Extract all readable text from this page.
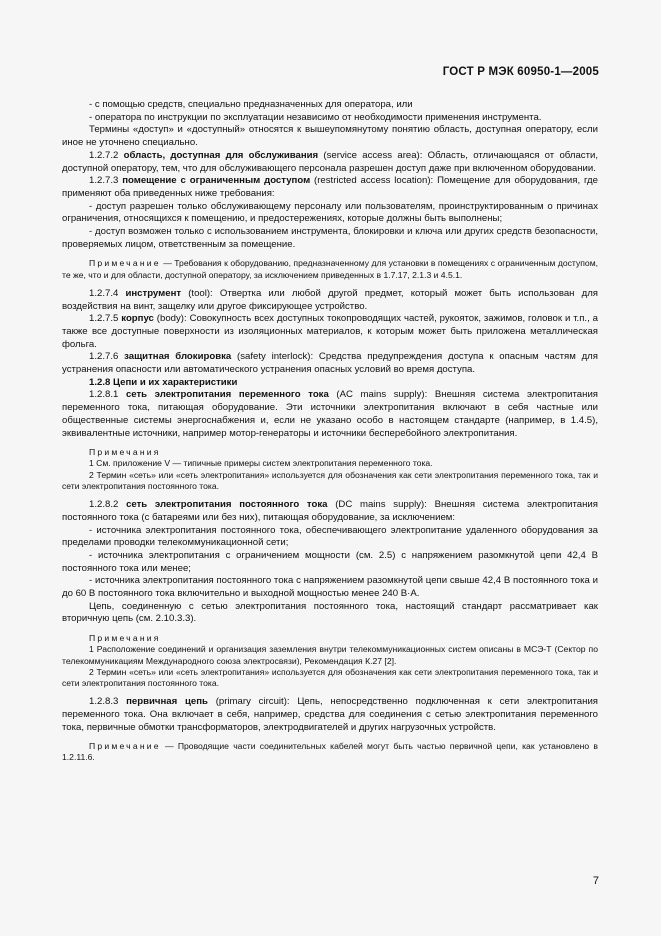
ГОСТ Р МЭК 60950-1—2005

- с помощью средств, специально предназначенных для оператора, или

- оператора по инструкции по эксплуатации независимо от необходимости применения инструмента.

Термины «доступ» и «доступный» относятся к вышеупомянутому понятию область, доступная оператору, если иное не уточнено специально.

1.2.7.2 область, доступная для обслуживания (service access area): Область, отличающаяся от области, доступной оператору, тем, что для обслуживающего персонала разрешен доступ даже при включенном оборудовании.

1.2.7.3 помещение с ограниченным доступом (restricted access location): Помещение для оборудования, где применяют оба приведенных ниже требования:

- доступ разрешен только обслуживающему персоналу или пользователям, проинструктированным о причинах ограничения, относящихся к помещению, и предостережениях, которые должны быть выполнены;

- доступ возможен только с использованием инструмента, блокировки и ключа или других средств безопасности, проверяемых лицом, ответственным за помещение.

Примечание — Требования к оборудованию, предназначенному для установки в помещениях с ограниченным доступом, те же, что и для области, доступной оператору, за исключением приведенных в 1.7.17, 2.1.3 и 4.5.1.

1.2.7.4 инструмент (tool): Отвертка или любой другой предмет, который может быть использован для воздействия на винт, защелку или другое фиксирующее устройство.

1.2.7.5 корпус (body): Совокупность всех доступных токопроводящих частей, рукояток, зажимов, головок и т.п., а также все доступные поверхности из изоляционных материалов, к которым может быть приложена металлическая фольга.

1.2.7.6 защитная блокировка (safety interlock): Средства предупреждения доступа к опасным частям для устранения опасности или автоматического устранения опасных условий во время доступа.

1.2.8 Цепи и их характеристики

1.2.8.1 сеть электропитания переменного тока (AC mains supply): Внешняя система электропитания переменного тока, питающая оборудование. Эти источники электропитания включают в себя частные или общественные системы энергоснабжения и, если не указано особо в настоящем стандарте (например, в 1.4.5), эквивалентные источники, например мотор-генераторы и источники бесперебойного электропитания.

Примечания

1 См. приложение V — типичные примеры систем электропитания переменного тока.

2 Термин «сеть» или «сеть электропитания» используется для обозначения как сети электропитания переменного тока, так и сети электропитания постоянного тока.

1.2.8.2 сеть электропитания постоянного тока (DC mains supply): Внешняя система электропитания постоянного тока (с батареями или без них), питающая оборудование, за исключением:

- источника электропитания постоянного тока, обеспечивающего электропитание удаленного оборудования за пределами проводки телекоммуникационной сети;

- источника электропитания с ограничением мощности (см. 2.5) с напряжением разомкнутой цепи 42,4 В постоянного тока или менее;

- источника электропитания постоянного тока с напряжением разомкнутой цепи свыше 42,4 В постоянного тока и до 60 В постоянного тока включительно и выходной мощностью менее 240 В·А.

Цепь, соединенную с сетью электропитания постоянного тока, настоящий стандарт рассматривает как вторичную цепь (см. 2.10.3.3).

Примечания

1 Расположение соединений и организация заземления внутри телекоммуникационных систем описаны в МСЭ-Т (Сектор по телекоммуникациям Международного союза электросвязи), Рекомендация К.27 [2].

2 Термин «сеть» или «сеть электропитания» используется для обозначения как сети электропитания переменного тока, так и сети электропитания постоянного тока.

1.2.8.3 первичная цепь (primary circuit): Цепь, непосредственно подключенная к сети электропитания переменного тока. Она включает в себя, например, средства для соединения с сетью электропитания переменного тока, первичные обмотки трансформаторов, электродвигателей и других нагрузочных устройств.

Примечание — Проводящие части соединительных кабелей могут быть частью первичной цепи, как установлено в 1.2.11.6.

7
